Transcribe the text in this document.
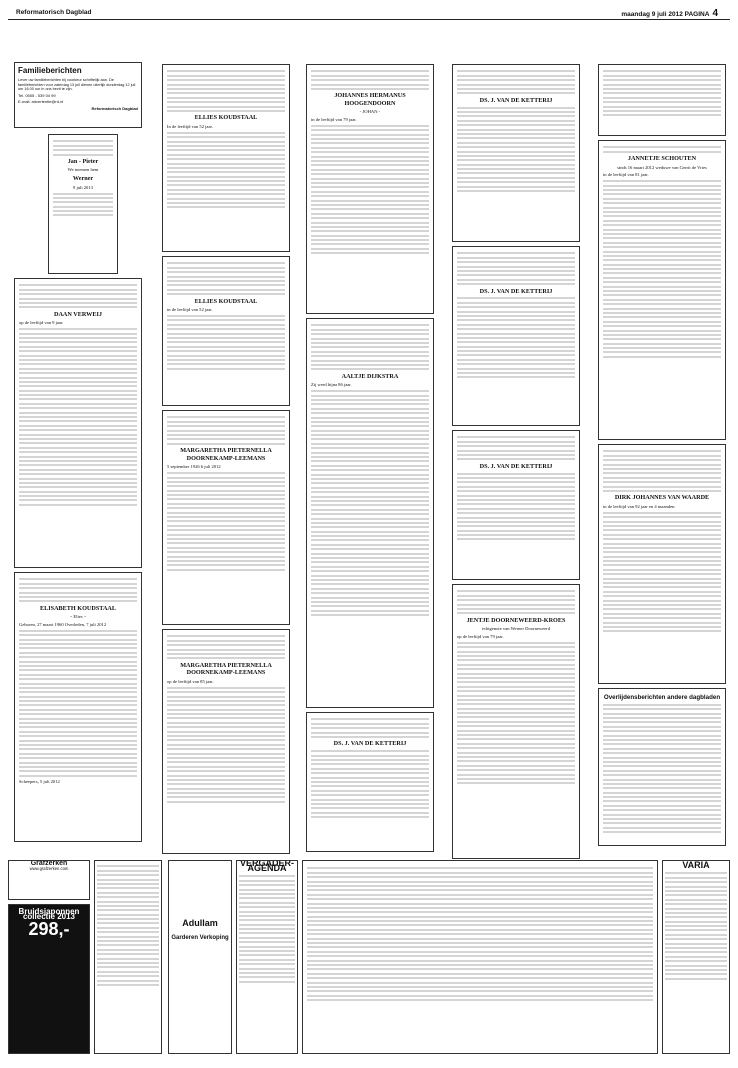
Reformatorisch Dagblad	maandag 9 juli 2012 PAGINA 4
Familieberichten

Lever uw familieberichten bij voorkeur schriftelijk aan. De familieberichten voor zaterdag 13 juli dienen uiterlijk donderdag 12 juli om 16.00 uur in ons bezit te zijn.

Tel. 0555 - 539 04 99

E-mail: advertentie@rd.nl

Reformatorisch Dagblad

Jan - Pieter
We noemen hem
Werner
9 juli 2013
DAAN VERWEIJ
op de leeftijd van 9 jaar.
ELISABETH KOUDSTAAL
~ Elies ~
Geboren, 27 maart 1960 Overleden, 7 juli 2012
Scheepers, 5 juli 2012
ELLIES KOUDSTAAL
In de leeftijd van 52 jaar.
ELLIES KOUDSTAAL
in de leeftijd van 52 jaar.
MARGARETHA PIETERNELLA DOORNEKAMP-LEEMANS
5 september 1926 6 juli 2012
MARGARETHA PIETERNELLA DOORNEKAMP-LEEMANS
op de leeftijd van 85 jaar.
JOHANNES HERMANUS HOOGENDOORN
- JOHAN -
in de leeftijd van 79 jaar.
AALTJE DIJKSTRA
Zij werd bijna 86 jaar.
DS. J. VAN DE KETTERIJ
DS. J. VAN DE KETTERIJ
DS. J. VAN DE KETTERIJ
DS. J. VAN DE KETTERIJ
JENTJE DOORNEWEERD-KROES
echtgenote van Werner Doorneweerd
op de leeftijd van 79 jaar.
JANNETJE SCHOUTEN
sinds 16 maart 2012 weduwe van Gerrit de Vries
in de leeftijd van 81 jaar.
DIRK JOHANNES VAN WAARDE
in de leeftijd van 92 jaar en 4 maanden.
Overlijdensberichten andere dagbladen
Grafzerken
www.grafzerken.com
Bruidsjaponnen collectie 2013
298,-	Adullam
Garderen Verkoping
VERGADER-AGENDA	VARIA
